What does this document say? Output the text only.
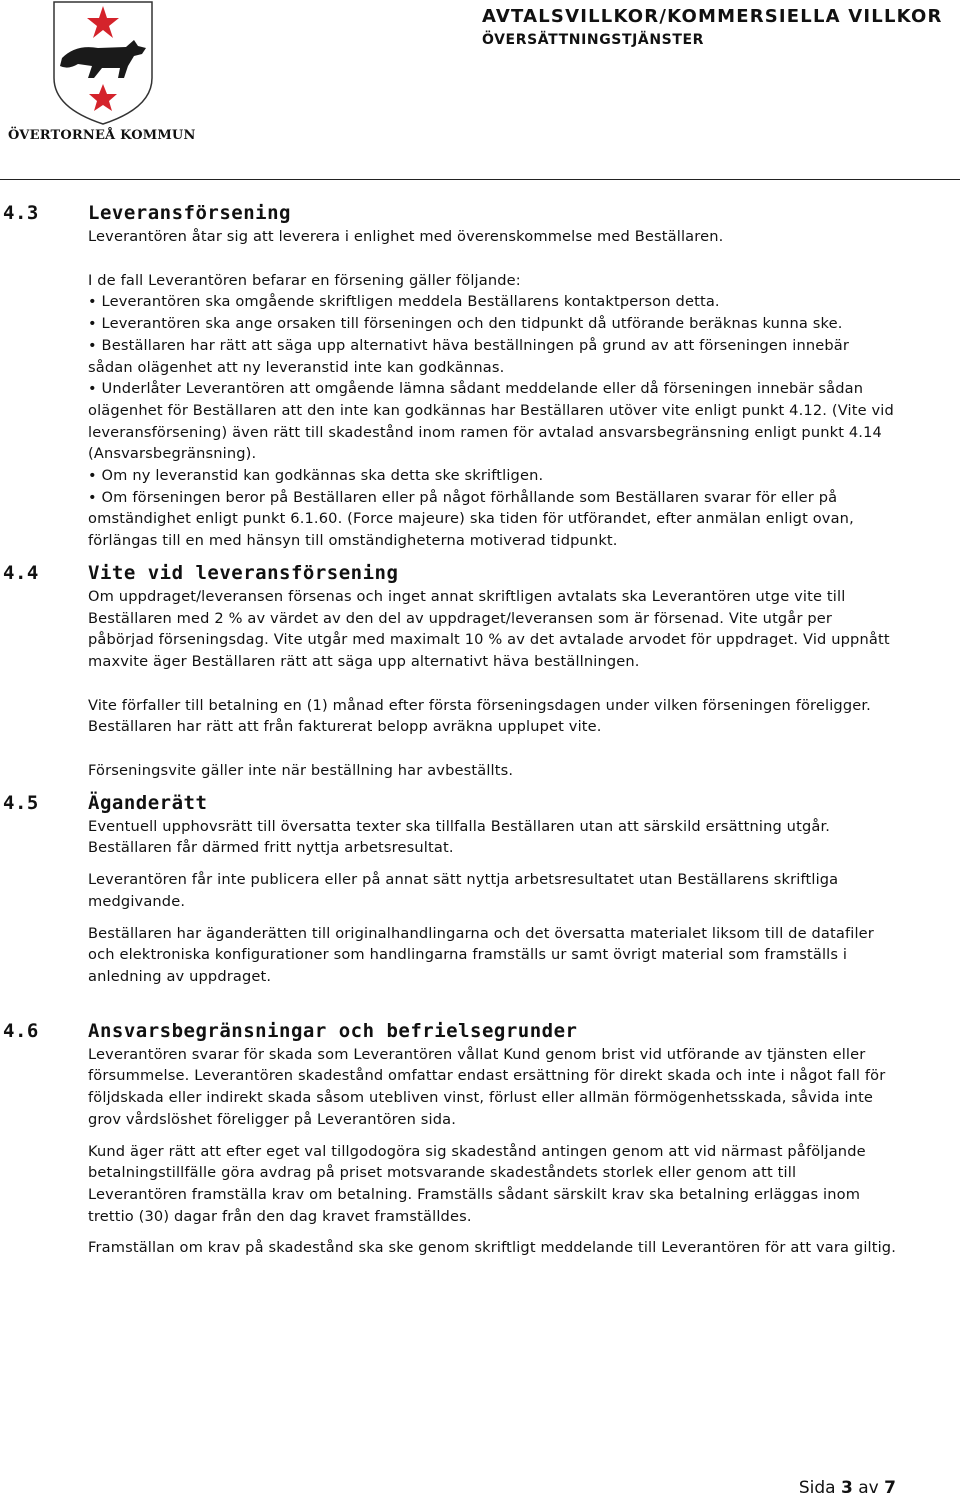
ÖVERTORNEÅ KOMMUN
AVTALSVILLKOR/KOMMERSIELLA VILLKOR
ÖVERSÄTTNINGSTJÄNSTER
4.3	Leveransförsening

Leverantören åtar sig att leverera i enlighet med överenskommelse med Beställaren.

I de fall Leverantören befarar en försening gäller följande:

• Leverantören ska omgående skriftligen meddela Beställarens kontaktperson detta.

• Leverantören ska ange orsaken till förseningen och den tidpunkt då utförande beräknas kunna ske.

• Beställaren har rätt att säga upp alternativt häva beställningen på grund av att förseningen innebär sådan olägenhet att ny leveranstid inte kan godkännas.

• Underlåter Leverantören att omgående lämna sådant meddelande eller då förseningen innebär sådan olägenhet för Beställaren att den inte kan godkännas har Beställaren utöver vite enligt punkt 4.12. (Vite vid leveransförsening) även rätt till skadestånd inom ramen för avtalad ansvarsbegränsning enligt punkt 4.14 (Ansvarsbegränsning).

• Om ny leveranstid kan godkännas ska detta ske skriftligen.

• Om förseningen beror på Beställaren eller på något förhållande som Beställaren svarar för eller på omständighet enligt punkt 6.1.60. (Force majeure) ska tiden för utförandet, efter anmälan enligt ovan, förlängas till en med hänsyn till omständigheterna motiverad tidpunkt.

4.4	Vite vid leveransförsening

Om uppdraget/leveransen försenas och inget annat skriftligen avtalats ska Leverantören utge vite till Beställaren med 2 % av värdet av den del av uppdraget/leveransen som är försenad. Vite utgår per påbörjad förseningsdag. Vite utgår med maximalt 10 % av det avtalade arvodet för uppdraget. Vid uppnått maxvite äger Beställaren rätt att säga upp alternativt häva beställningen.

Vite förfaller till betalning en (1) månad efter första förseningsdagen under vilken förseningen föreligger. Beställaren har rätt att från fakturerat belopp avräkna upplupet vite.

Förseningsvite gäller inte när beställning har avbeställts.

4.5	Äganderätt

Eventuell upphovsrätt till översatta texter ska tillfalla Beställaren utan att särskild ersättning utgår. Beställaren får därmed fritt nyttja arbetsresultat.

Leverantören får inte publicera eller på annat sätt nyttja arbetsresultatet utan Beställarens skriftliga medgivande.

Beställaren har äganderätten till originalhandlingarna och det översatta materialet liksom till de datafiler och elektroniska konfigurationer som handlingarna framställs ur samt övrigt material som framställs i anledning av uppdraget.

4.6	Ansvarsbegränsningar och befrielsegrunder

Leverantören svarar för skada som Leverantören vållat Kund genom brist vid utförande av tjänsten eller försummelse. Leverantören skadestånd omfattar endast ersättning för direkt skada och inte i något fall för följdskada eller indirekt skada såsom utebliven vinst, förlust eller allmän förmögenhetsskada, såvida inte grov vårdslöshet föreligger på Leverantören sida.

Kund äger rätt att efter eget val tillgodogöra sig skadestånd antingen genom att vid närmast påföljande betalningstillfälle göra avdrag på priset motsvarande skadeståndets storlek eller genom att till Leverantören framställa krav om betalning. Framställs sådant särskilt krav ska betalning erläggas inom trettio (30) dagar från den dag kravet framställdes.

Framställan om krav på skadestånd ska ske genom skriftligt meddelande till Leverantören för att vara giltig.

Sida 3 av 7
